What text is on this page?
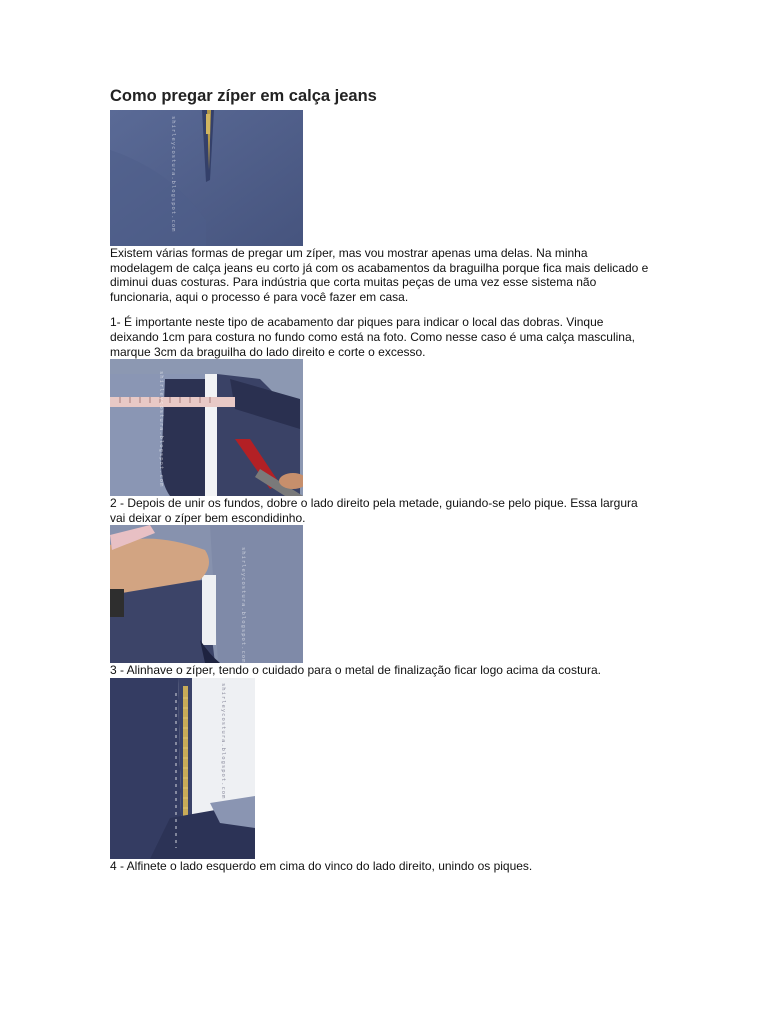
Como pregar zíper em calça jeans
shirleycostura.blogspot.com

Existem várias formas de pregar um zíper, mas vou mostrar apenas uma delas. Na minha modelagem de calça jeans eu corto já com os acabamentos da braguilha porque fica mais delicado e diminui duas costuras. Para indústria que corta muitas peças de uma vez esse sistema não funcionaria, aqui o processo é para você fazer em casa.

1- É importante neste tipo de acabamento dar piques para indicar o local das dobras. Vinque deixando 1cm para costura no fundo como está na foto. Como nesse caso é uma calça masculina, marque 3cm da braguilha do lado direito e corte o excesso.

shirleycostura.blogspot.com

2 - Depois de unir os fundos, dobre o lado direito pela metade, guiando-se pelo pique. Essa largura vai deixar o zíper bem escondidinho.

shirleycostura.blogspot.com

3 - Alinhave o zíper, tendo o cuidado para o metal de finalização ficar logo acima da costura.

shirleycostura.blogspot.com

4 - Alfinete o lado esquerdo em cima do vinco do lado direito, unindo os piques.
